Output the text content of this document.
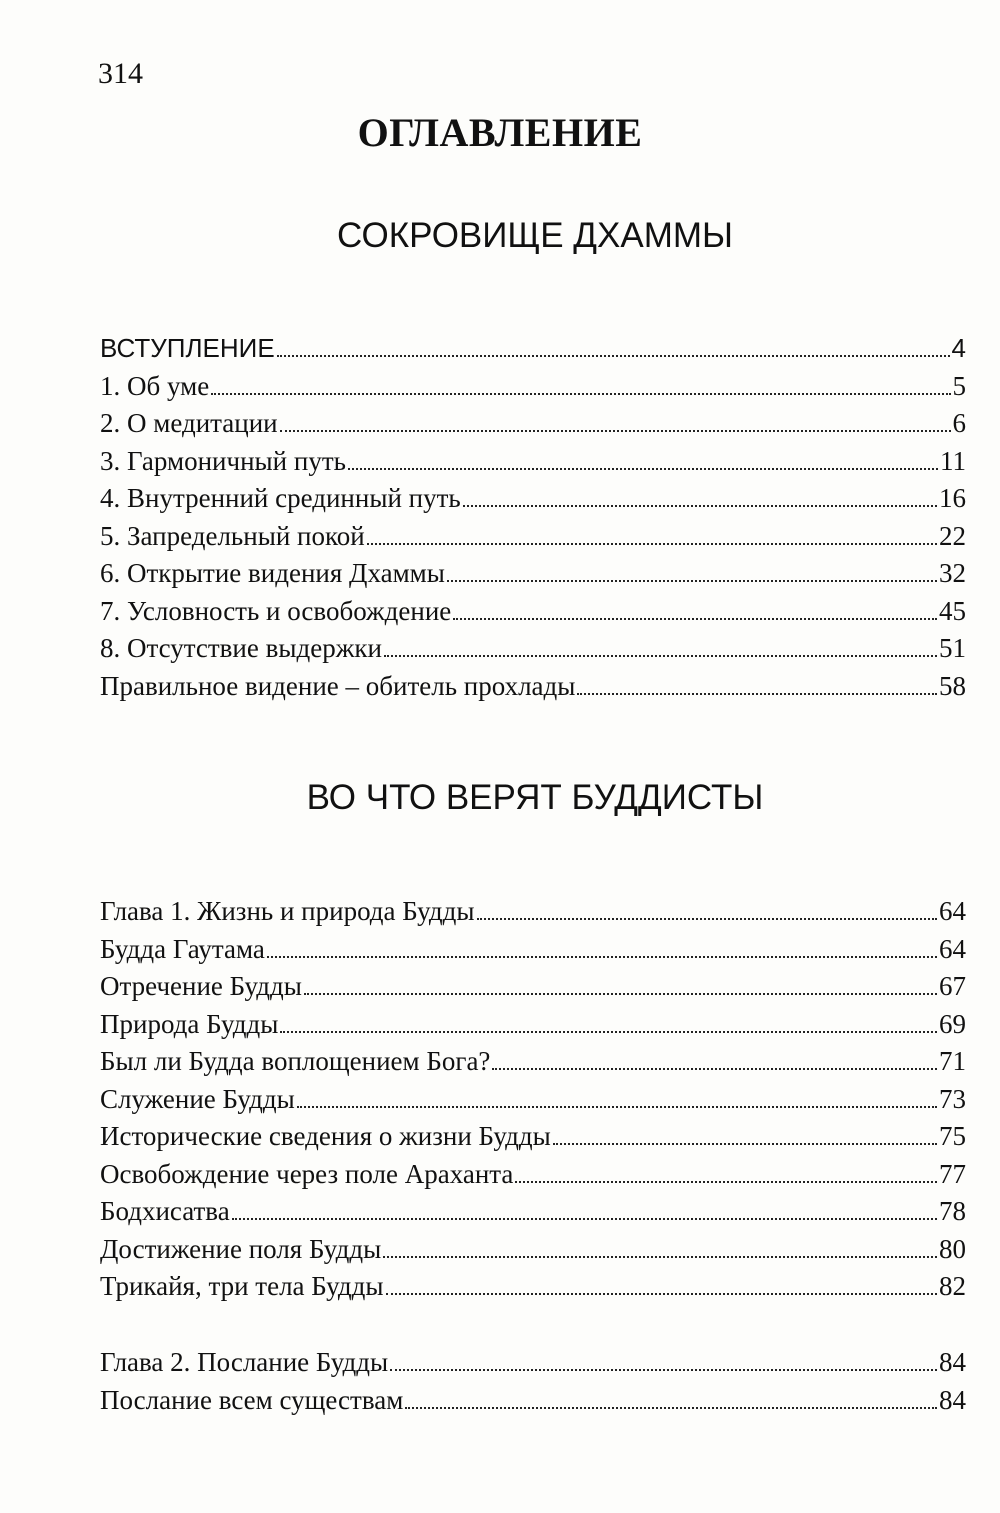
314
ОГЛАВЛЕНИЕ
СОКРОВИЩЕ ДХАММЫ
ВСТУПЛЕНИЕ	4
1. Об уме	5
2. О медитации	6
3. Гармоничный путь	11
4. Внутренний срединный путь	16
5. Запредельный покой	22
6. Открытие видения Дхаммы	32
7. Условность и освобождение	45
8. Отсутствие выдержки	51
Правильное видение – обитель прохлады	58
ВО ЧТО ВЕРЯТ БУДДИСТЫ
Глава 1. Жизнь и природа Будды	64
Будда Гаутама	64
Отречение Будды	67
Природа Будды	69
Был ли Будда воплощением Бога?	71
Служение Будды	73
Исторические сведения о жизни Будды	75
Освобождение через поле Араханта	77
Бодхисатва	78
Достижение поля Будды	80
Трикайя, три тела Будды	82
Глава 2. Послание Будды	84
Послание всем существам	84
